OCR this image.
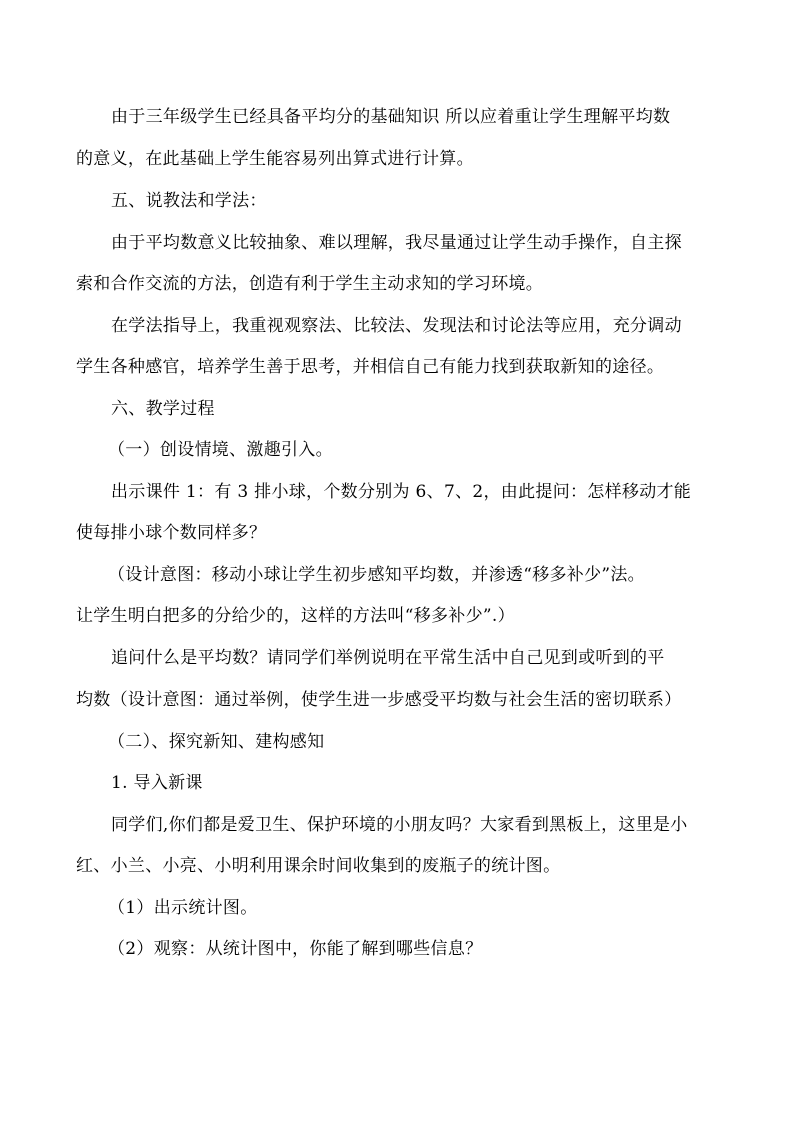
由于三年级学生已经具备平均分的基础知识 所以应着重让学生理解平均数
的意义，在此基础上学生能容易列出算式进行计算。
五、说教法和学法：
由于平均数意义比较抽象、难以理解，我尽量通过让学生动手操作，自主探
索和合作交流的方法，创造有利于学生主动求知的学习环境。
在学法指导上，我重视观察法、比较法、发现法和讨论法等应用，充分调动
学生各种感官，培养学生善于思考，并相信自己有能力找到获取新知的途径。
六、教学过程
（一）创设情境、激趣引入。
出示课件 1：有 3 排小球，个数分别为 6、7、2，由此提问：怎样移动才能
使每排小球个数同样多？
（设计意图：移动小球让学生初步感知平均数，并渗透“移多补少”法。
让学生明白把多的分给少的，这样的方法叫“移多补少”.）
追问什么是平均数？请同学们举例说明在平常生活中自己见到或听到的平
均数（设计意图：通过举例，使学生进一步感受平均数与社会生活的密切联系）
（二）、探究新知、建构感知
1. 导入新课
同学们,你们都是爱卫生、保护环境的小朋友吗？大家看到黑板上，这里是小
红、小兰、小亮、小明利用课余时间收集到的废瓶子的统计图。
（1）出示统计图。
（2）观察：从统计图中，你能了解到哪些信息？
